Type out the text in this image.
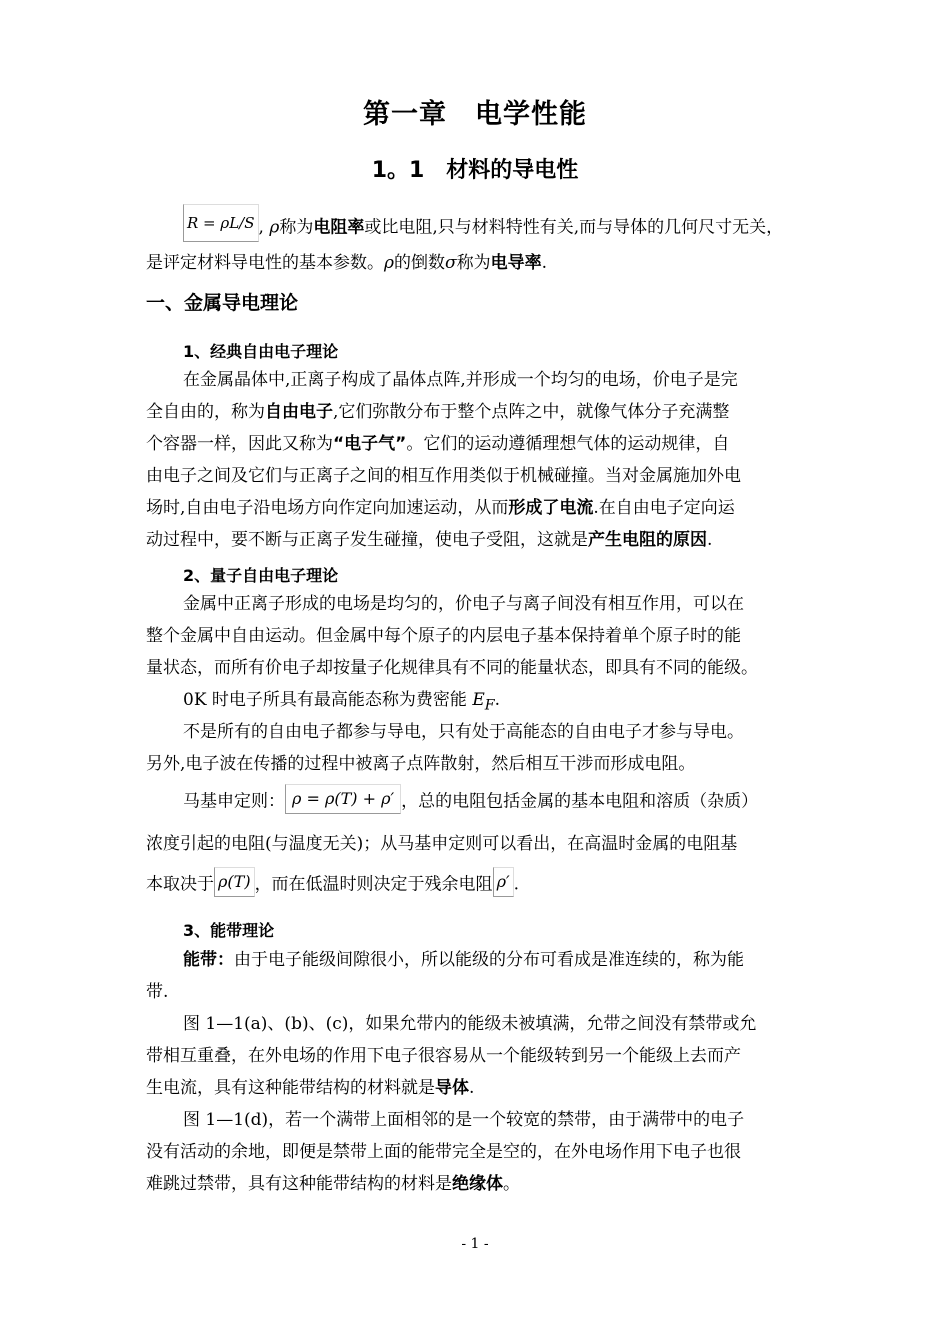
第一章　电学性能
1。1　材料的导电性
R = ρL/S , ρ称为电阻率或比电阻,只与材料特性有关,而与导体的几何尺寸无关，
是评定材料导电性的基本参数。ρ的倒数σ称为电导率.
一、金属导电理论
1、经典自由电子理论
在金属晶体中,正离子构成了晶体点阵,并形成一个均匀的电场，价电子是完
全自由的，称为自由电子,它们弥散分布于整个点阵之中，就像气体分子充满整
个容器一样，因此又称为“电子气”。它们的运动遵循理想气体的运动规律，自
由电子之间及它们与正离子之间的相互作用类似于机械碰撞。当对金属施加外电
场时,自由电子沿电场方向作定向加速运动，从而形成了电流.在自由电子定向运
动过程中，要不断与正离子发生碰撞，使电子受阻，这就是产生电阻的原因.
2、量子自由电子理论
金属中正离子形成的电场是均匀的，价电子与离子间没有相互作用，可以在
整个金属中自由运动。但金属中每个原子的内层电子基本保持着单个原子时的能
量状态，而所有价电子却按量子化规律具有不同的能量状态，即具有不同的能级。
0K 时电子所具有最高能态称为费密能 $E_F$.
不是所有的自由电子都参与导电，只有处于高能态的自由电子才参与导电。
另外,电子波在传播的过程中被离子点阵散射，然后相互干涉而形成电阻。
马基申定则： ρ = ρ(T) + ρ′ ，总的电阻包括金属的基本电阻和溶质（杂质）
浓度引起的电阻(与温度无关)；从马基申定则可以看出，在高温时金属的电阻基
本取决于 ρ(T) ，而在低温时则决定于残余电阻 ρ′ .
3、能带理论
能带：由于电子能级间隙很小，所以能级的分布可看成是准连续的，称为能
带.
图 1—1(a)、(b)、(c)，如果允带内的能级未被填满，允带之间没有禁带或允
带相互重叠，在外电场的作用下电子很容易从一个能级转到另一个能级上去而产
生电流，具有这种能带结构的材料就是导体.
图 1—1(d)，若一个满带上面相邻的是一个较宽的禁带，由于满带中的电子
没有活动的余地，即便是禁带上面的能带完全是空的，在外电场作用下电子也很
难跳过禁带，具有这种能带结构的材料是绝缘体。
- 1 -
